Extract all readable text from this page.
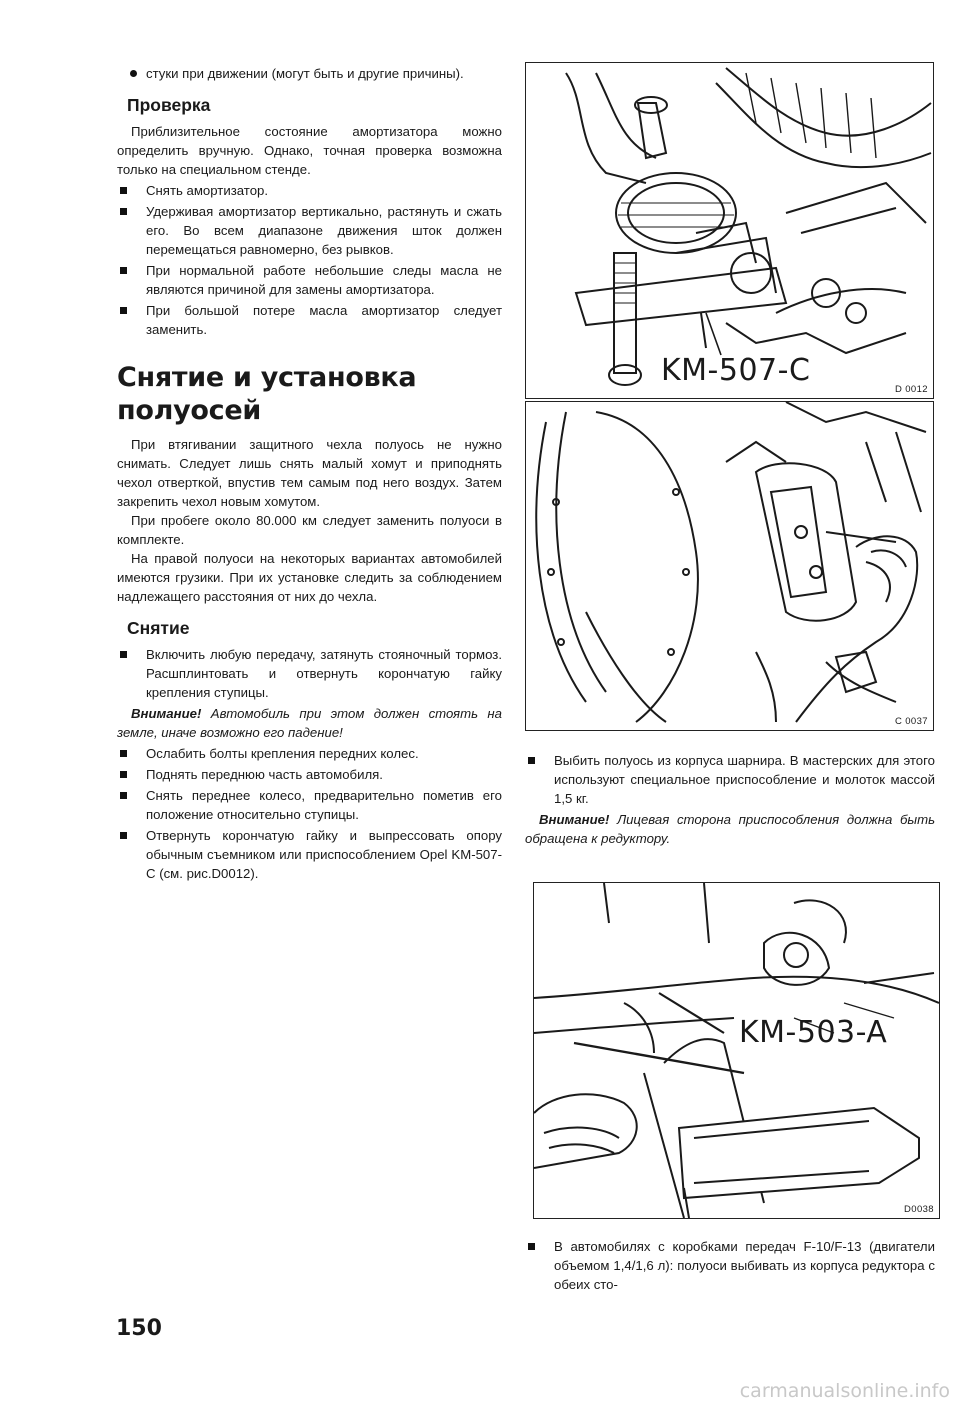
стуки при движении (могут быть и другие причины).

Проверка

Приблизительное состояние амортизатора можно определить вручную. Однако, точная проверка возможна только на специальном стенде.

Снять амортизатор.

Удерживая амортизатор вертикально, растянуть и сжать его. Во всем диапазоне движения шток должен перемещаться равномерно, без рывков.

При нормальной работе небольшие следы масла не являются причиной для замены амортизатора.

При большой потере масла амортизатор следует заменить.

Снятие и установка полуосей

При втягивании защитного чехла полуось не нужно снимать. Следует лишь снять малый хомут и приподнять чехол отверткой, впустив тем самым под него воздух. Затем закрепить чехол новым хомутом.

При пробеге около 80.000 км следует заменить полуоси в комплекте.

На правой полуоси на некоторых вариантах автомобилей имеются грузики. При их установке следить за соблюдением надлежащего расстояния от них до чехла.

Снятие

Включить любую передачу, затянуть стояночный тормоз. Расшплинтовать и отвернуть корончатую гайку крепления ступицы.

Внимание! Автомобиль при этом должен стоять на земле, иначе возможно его падение!

Ослабить болты крепления передних колес.

Поднять переднюю часть автомобиля.

Снять переднее колесо, предварительно пометив его положение относительно ступицы.

Отвернуть корончатую гайку и выпрессовать опору обычным съемником или приспособлением Opel KM-507-C (см. рис.D0012).

KM-507-C
D 0012
C 0037

Выбить полуось из корпуса шарнира. В мастерских для этого используют специальное приспособление и молоток массой 1,5 кг.

Внимание! Лицевая сторона приспособления должна быть обращена к редуктору.

KM-503-A
D0038

В автомобилях с коробками передач F-10/F-13 (двигатели объемом 1,4/1,6 л): полуоси выбивать из корпуса редуктора с обеих сто-

150
carmanualsonline.info
